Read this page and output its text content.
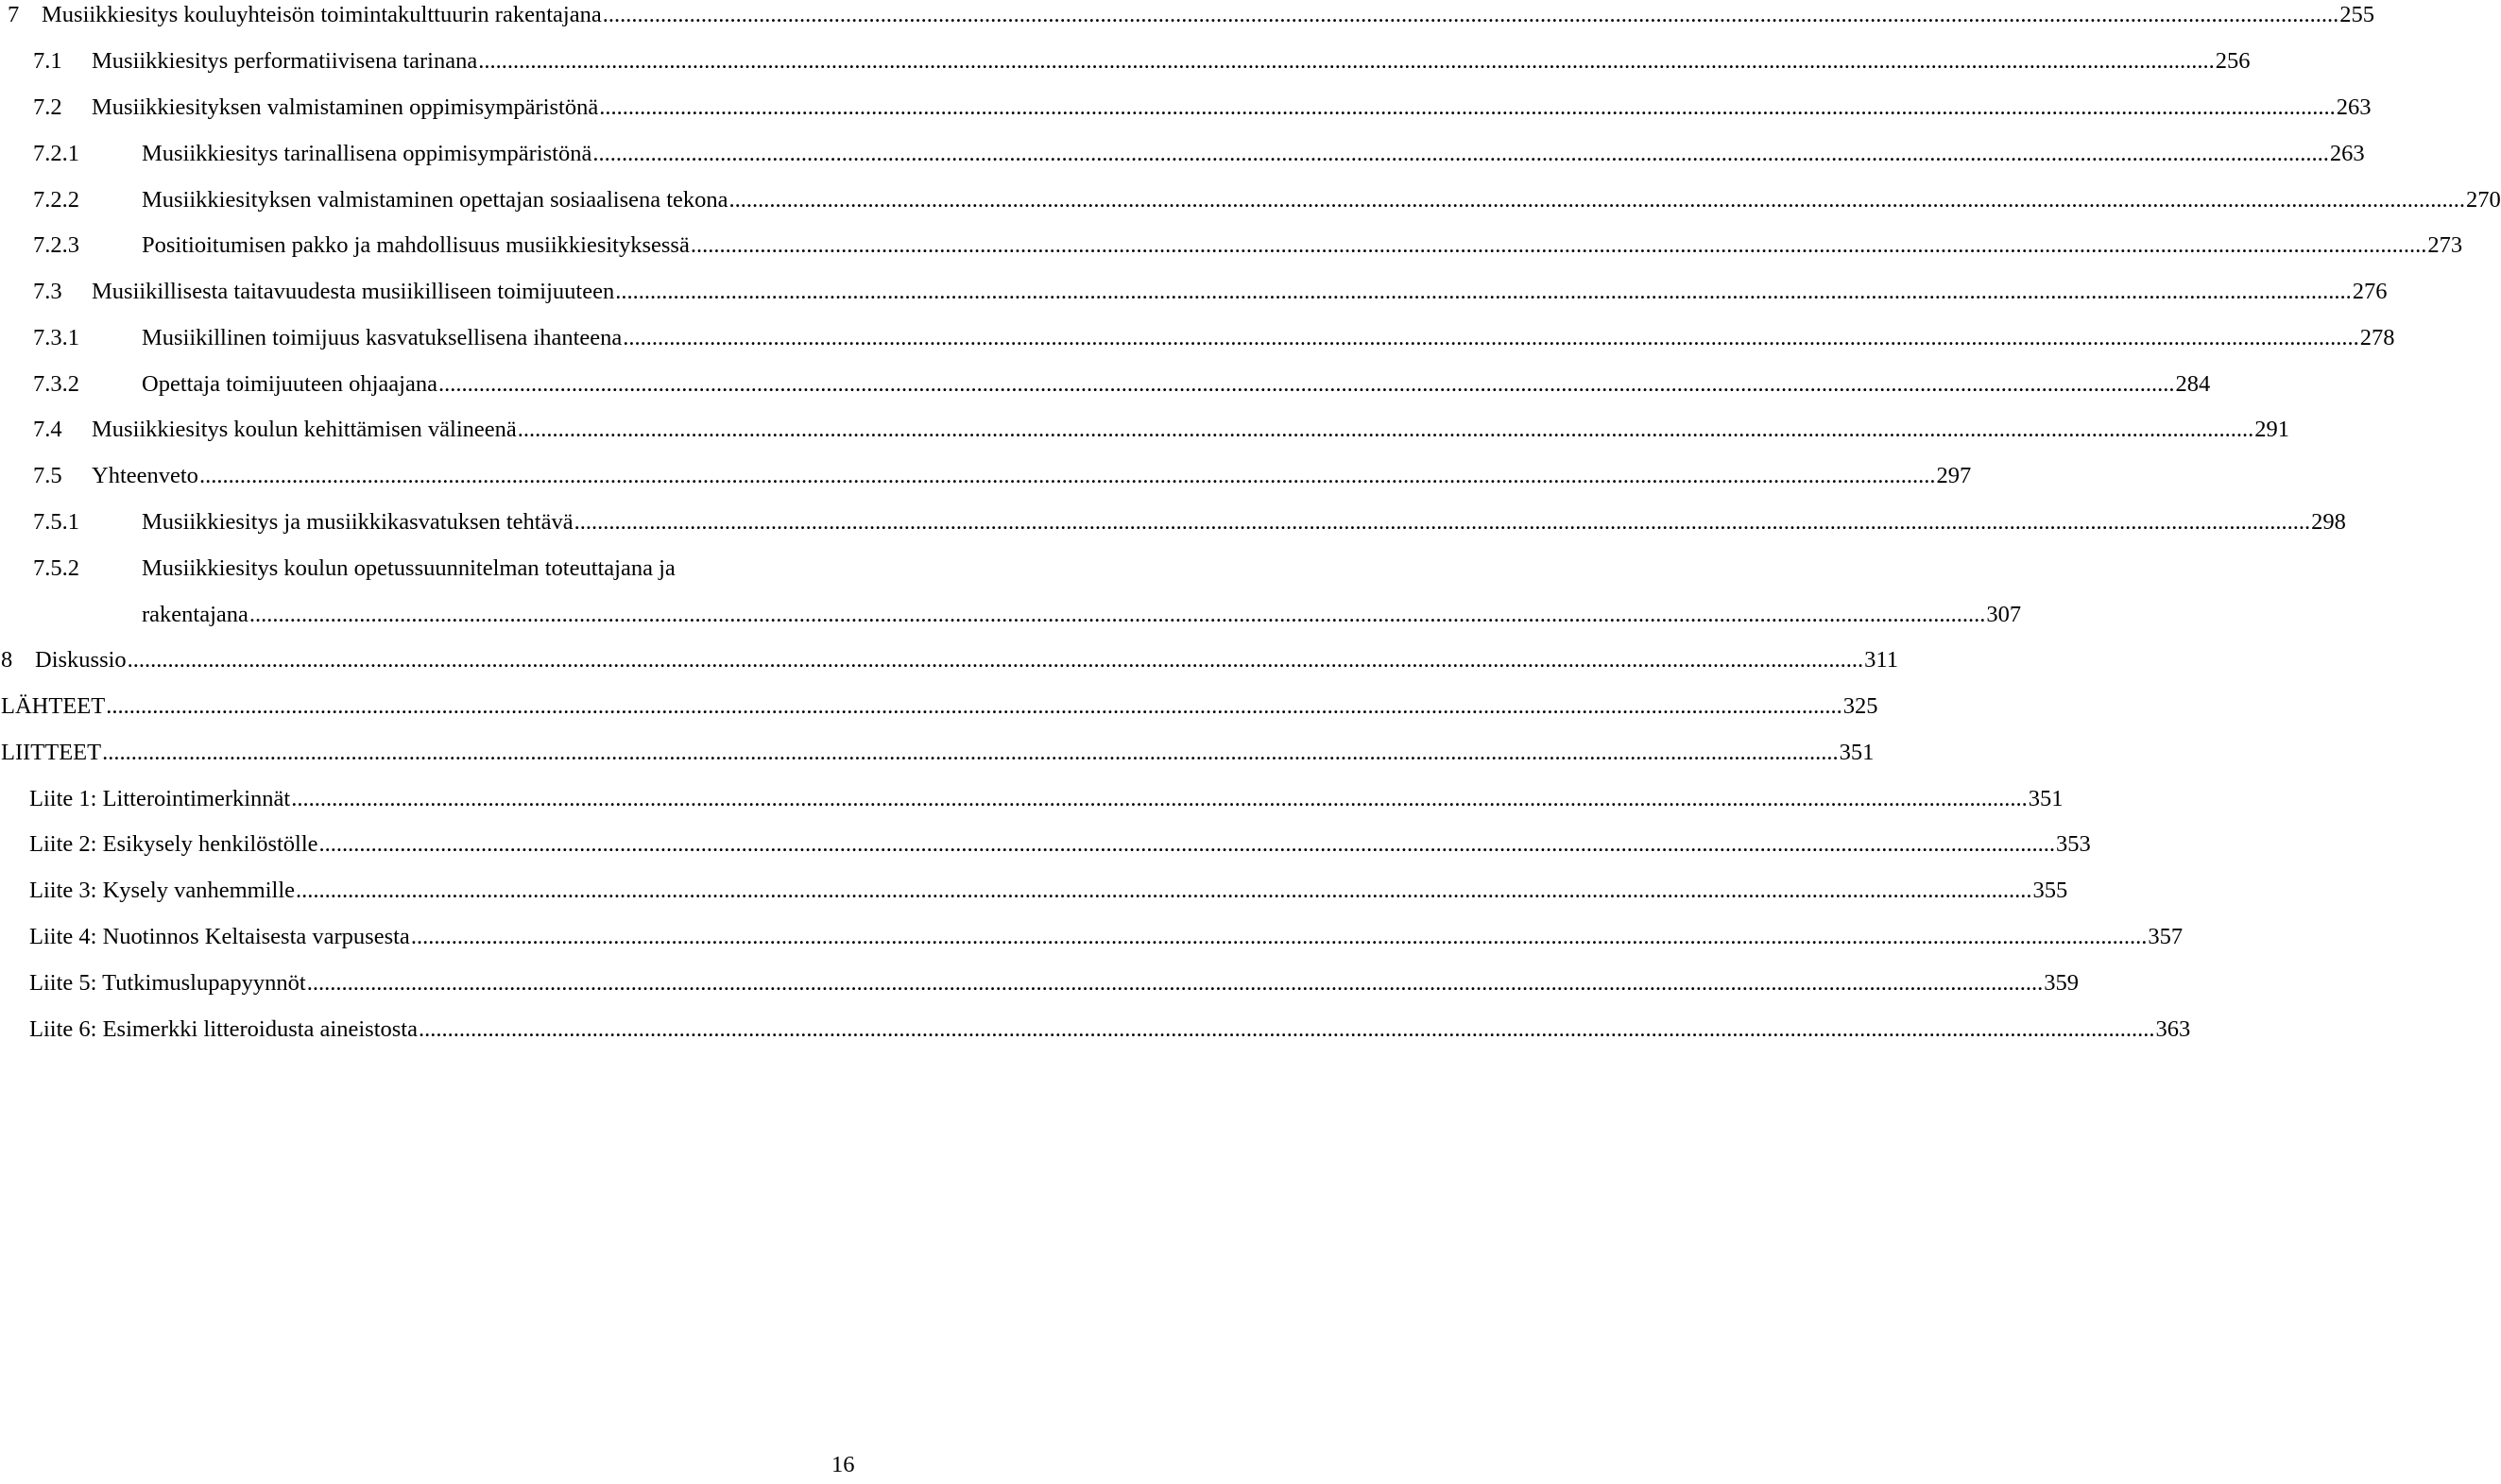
7 Musiikkiesitys kouluyhteisön toimintakulttuurin rakentajana ............................................................................................................................................................................................................................................................................................................ 255
7.1	Musiikkiesitys performatiivisena tarinana ............................................................................................................................................................................................................................................................................................................ 256
7.2	Musiikkiesityksen valmistaminen oppimisympäristönä ............................................................................................................................................................................................................................................................................................................ 263
7.2.1	Musiikkiesitys tarinallisena oppimisympäristönä ............................................................................................................................................................................................................................................................................................................ 263
7.2.2	Musiikkiesityksen valmistaminen opettajan sosiaalisena tekona ............................................................................................................................................................................................................................................................................................................ 270
7.2.3	Positioitumisen pakko ja mahdollisuus musiikkiesityksessä ............................................................................................................................................................................................................................................................................................................ 273
7.3	Musiikillisesta taitavuudesta musiikilliseen toimijuuteen ............................................................................................................................................................................................................................................................................................................ 276
7.3.1	Musiikillinen toimijuus kasvatuksellisena ihanteena ............................................................................................................................................................................................................................................................................................................ 278
7.3.2	Opettaja toimijuuteen ohjaajana ............................................................................................................................................................................................................................................................................................................ 284
7.4	Musiikkiesitys koulun kehittämisen välineenä ............................................................................................................................................................................................................................................................................................................ 291
7.5	Yhteenveto ............................................................................................................................................................................................................................................................................................................ 297
7.5.1	Musiikkiesitys ja musiikkikasvatuksen tehtävä ............................................................................................................................................................................................................................................................................................................ 298
7.5.2	Musiikkiesitys koulun opetussuunnitelman toteuttajana ja
rakentajana ............................................................................................................................................................................................................................................................................................................ 307
8 Diskussio ............................................................................................................................................................................................................................................................................................................ 311
LÄHTEET ............................................................................................................................................................................................................................................................................................................ 325
LIITTEET ............................................................................................................................................................................................................................................................................................................ 351
Liite 1: Litterointimerkinnät ............................................................................................................................................................................................................................................................................................................ 351
Liite 2: Esikysely henkilöstölle ............................................................................................................................................................................................................................................................................................................ 353
Liite 3: Kysely vanhemmille ............................................................................................................................................................................................................................................................................................................ 355
Liite 4: Nuotinnos Keltaisesta varpusesta ............................................................................................................................................................................................................................................................................................................ 357
Liite 5: Tutkimuslupapyynnöt ............................................................................................................................................................................................................................................................................................................ 359
Liite 6: Esimerkki litteroidusta aineistosta ............................................................................................................................................................................................................................................................................................................ 363
16
